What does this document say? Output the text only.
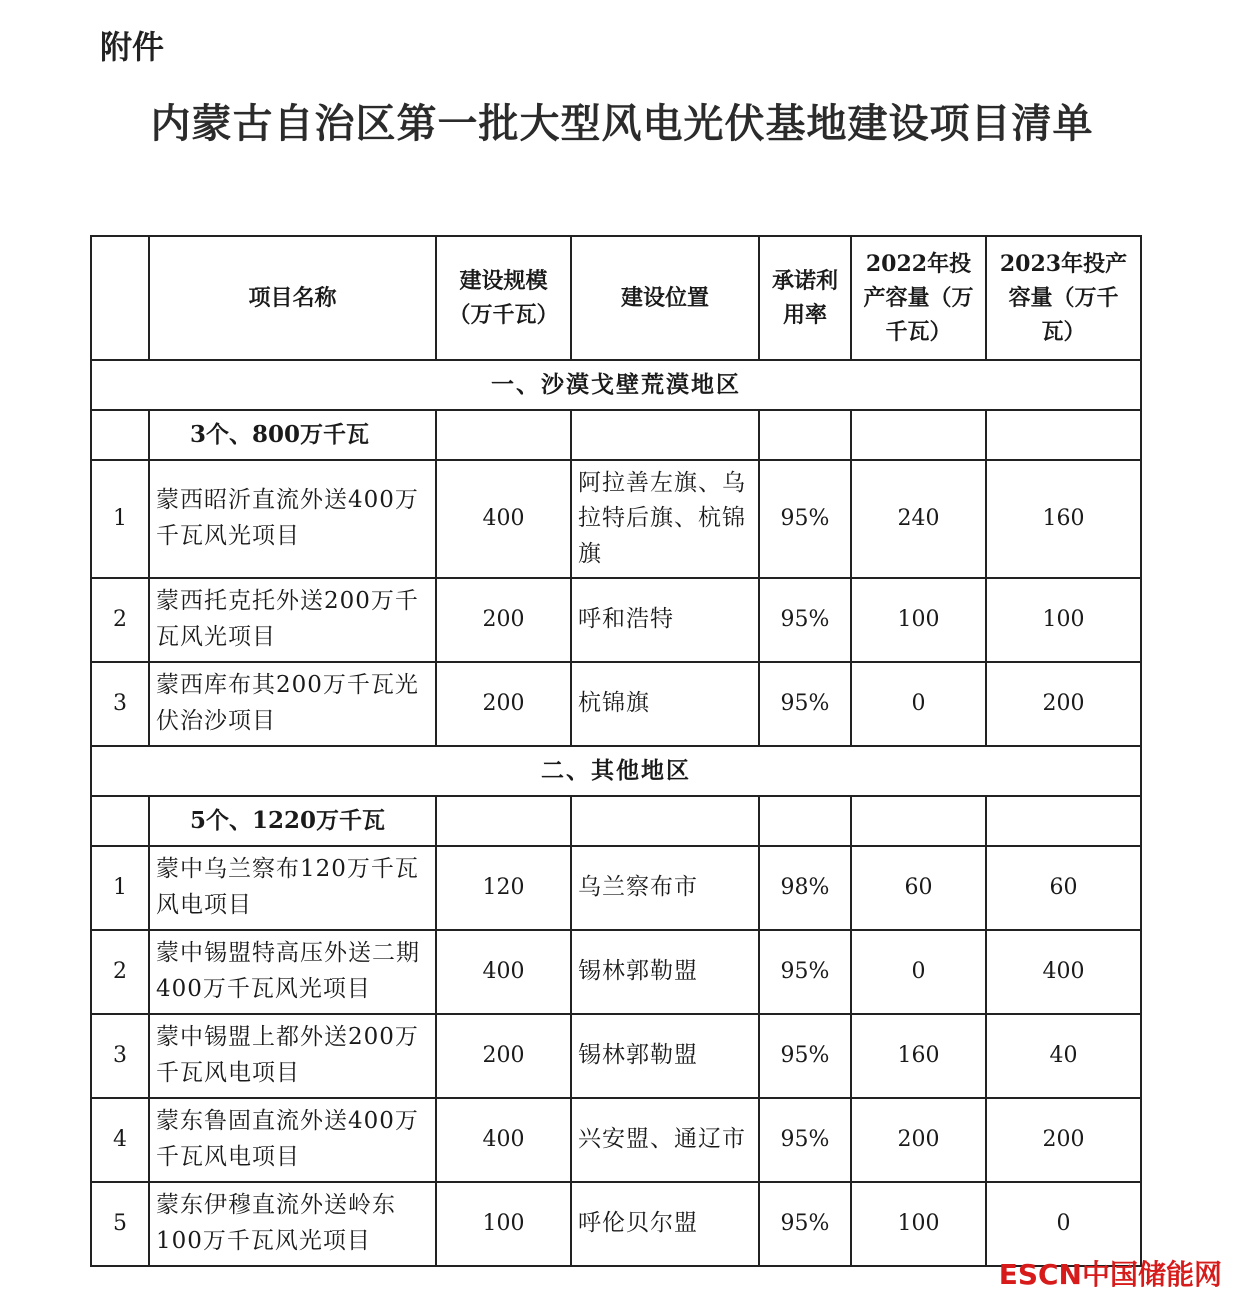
附件
内蒙古自治区第一批大型风电光伏基地建设项目清单
	项目名称	建设规模（万千瓦）	建设位置	承诺利用率	2022年投产容量（万千瓦）	2023年投产容量（万千瓦）
一、沙漠戈壁荒漠地区						
	3个、800万千瓦					
1	蒙西昭沂直流外送400万千瓦风光项目	400	阿拉善左旗、乌拉特后旗、杭锦旗	95%	240	160
2	蒙西托克托外送200万千瓦风光项目	200	呼和浩特	95%	100	100
3	蒙西库布其200万千瓦光伏治沙项目	200	杭锦旗	95%	0	200
二、其他地区						
	5个、1220万千瓦					
1	蒙中乌兰察布120万千瓦风电项目	120	乌兰察布市	98%	60	60
2	蒙中锡盟特高压外送二期400万千瓦风光项目	400	锡林郭勒盟	95%	0	400
3	蒙中锡盟上都外送200万千瓦风电项目	200	锡林郭勒盟	95%	160	40
4	蒙东鲁固直流外送400万千瓦风电项目	400	兴安盟、通辽市	95%	200	200
5	蒙东伊穆直流外送岭东100万千瓦风光项目	100	呼伦贝尔盟	95%	100	0
ESCN中国储能网
